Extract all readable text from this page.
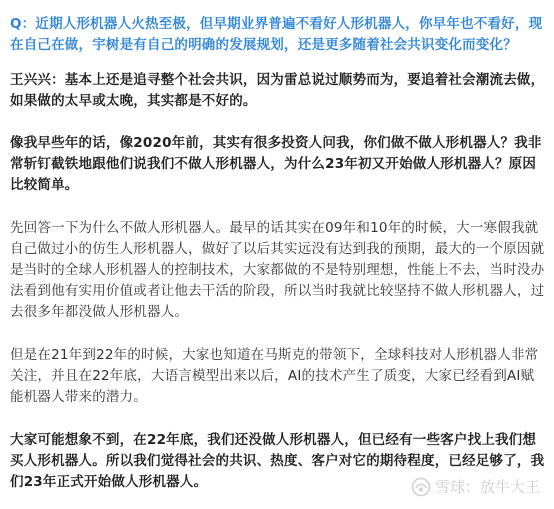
Q：近期人形机器人火热至极，但早期业界普遍不看好人形机器人，你早年也不看好，现在自己在做，宇树是有自己的明确的发展规划，还是更多随着社会共识变化而变化？

王兴兴：基本上还是追寻整个社会共识，因为雷总说过顺势而为，要追着社会潮流去做，如果做的太早或太晚，其实都是不好的。

像我早些年的话，像2020年前，其实有很多投资人问我，你们做不做人形机器人？我非常斩钉截铁地跟他们说我们不做人形机器人，为什么23年初又开始做人形机器人？原因比较简单。

先回答一下为什么不做人形机器人。最早的话其实在09年和10年的时候，大一寒假我就自己做过小的仿生人形机器人，做好了以后其实远没有达到我的预期，最大的一个原因就是当时的全球人形机器人的控制技术，大家都做的不是特别理想，性能上不去，当时没办法看到他有实用价值或者让他去干活的阶段，所以当时我就比较坚持不做人形机器人，过去很多年都没做人形机器人。

但是在21年到22年的时候，大家也知道在马斯克的带领下，全球科技对人形机器人非常关注，并且在22年底，大语言模型出来以后，AI的技术产生了质变，大家已经看到AI赋能机器人带来的潜力。

大家可能想象不到，在22年底，我们还没做人形机器人，但已经有一些客户找上我们想买人形机器人。所以我们觉得社会的共识、热度、客户对它的期待程度，已经足够了，我们23年正式开始做人形机器人。	雪球：放牛大王
